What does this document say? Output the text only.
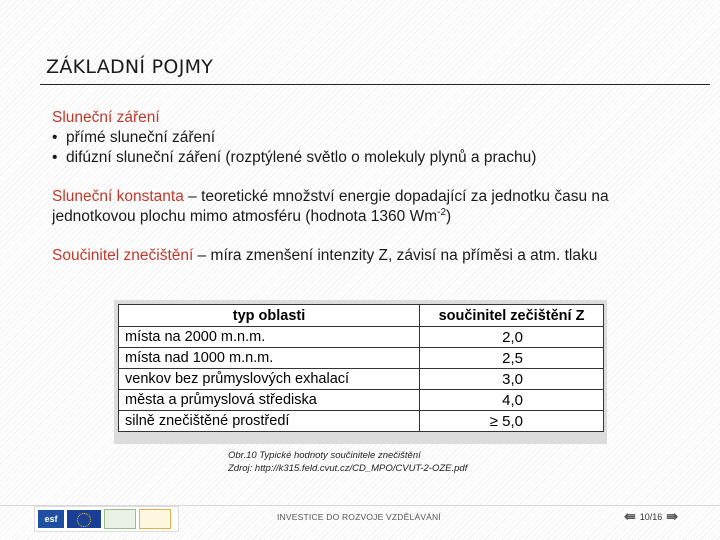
ZÁKLADNÍ POJMY

Sluneční záření

• přímé sluneční záření
• difúzní sluneční záření (rozptýlené světlo o molekuly plynů a prachu)

Sluneční konstanta – teoretické množství energie dopadající za jednotku času na jednotkovou plochu mimo atmosféru (hodnota 1360 $Wm^{-2}$)

Součinitel znečištění – míra zmenšení intenzity Z, závisí na příměsi a atm. tlaku

typ oblasti	součinitel zečištění Z
místa na 2000 m.n.m.	2,0
místa nad 1000 m.n.m.	2,5
venkov bez průmyslových exhalací	3,0
města a průmyslová střediska	4,0
silně znečištěné prostředí	≥ 5,0
Obr.10 Typické hodnoty součinitele znečištění
Zdroj: http://k315.feld.cvut.cz/CD_MPO/CVUT-2-OZE.pdf
esf	INVESTICE DO ROZVOJE VZDĚLÁVÁNÍ	⇚ 10/16 ⇛
